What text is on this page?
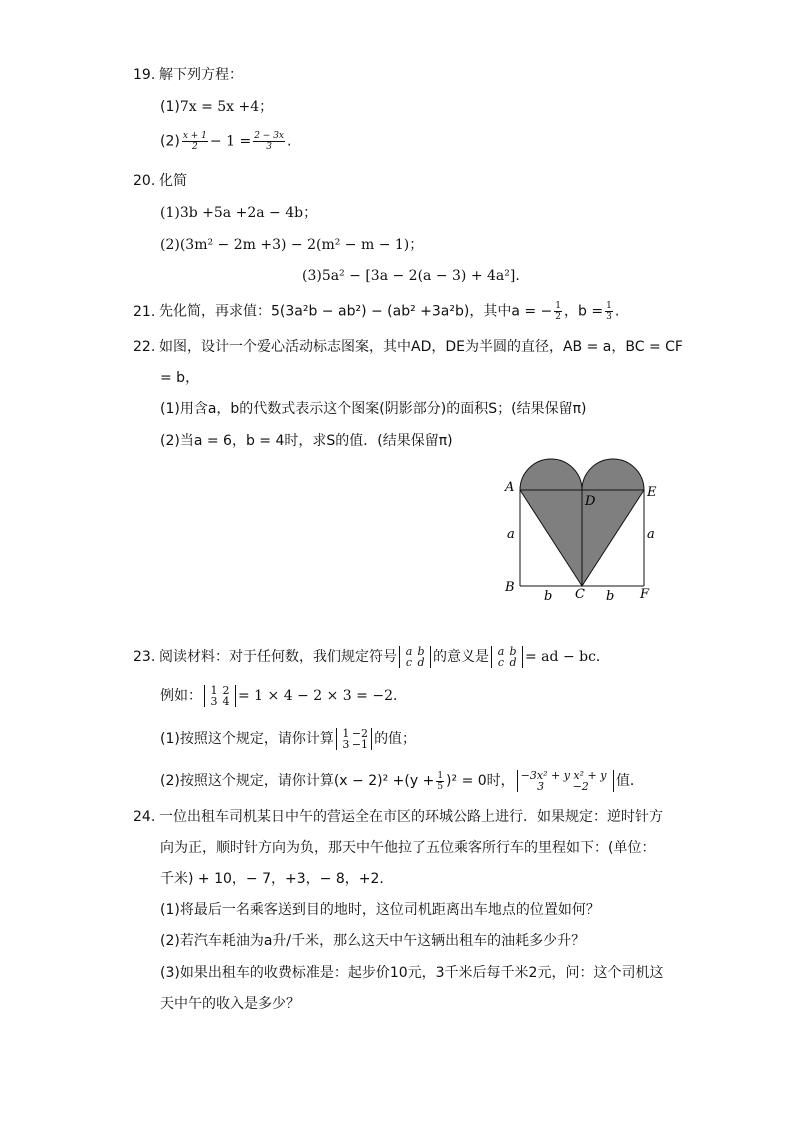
19. 解下列方程：
(1)7x = 5x +4；
$(2) \frac{x + 1}{2} - 1 = \frac{2 - 3x}{3}$ .
20. 化简
(1)3b +5a +2a − 4b；
(2)(3m² − 2m +3) − 2(m² − m − 1)；
(3)5a² − [3a − 2(a − 3) + 4a²].
21. 先化简，再求值：5(3a²b − ab²) − (ab² +3a²b)，其中a = − $\frac{1}{2}$ ，$b = \frac{1}{3}$ .
22. 如图，设计一个爱心活动标志图案，其中AD，DE为半圆的直径，AB = a，BC = CF
= b，
(1)用含a，b的代数式表示这个图案(阴影部分)的面积S；(结果保留π)
(2)当a = 6，b = 4时，求S的值．(结果保留π)
A
D
E
a	a
B	C	F
b	b
23. 阅读材料：对于任何数，我们规定符号 a b
c d 的意义是 a b
c d = ad − bc．
例如： 1 2
3 4 = 1 × 4 − 2 × 3 = −2．
(1)按照这个规定，请你计算 1 −2
3 −1 的值；
(2)按照这个规定，请你计算$(x - 2)^2 +(y + \frac{1}{5} )^2 = 0$时， −3x² + y x² + y
3	−2	值．
24. 一位出租车司机某日中午的营运全在市区的环城公路上进行．如果规定：逆时针方
向为正，顺时针方向为负，那天中午他拉了五位乘客所行车的里程如下：(单位：
千米) + 10，− 7，+3，− 8，+2．
(1)将最后一名乘客送到目的地时，这位司机距离出车地点的位置如何？
(2)若汽车耗油为a升/千米，那么这天中午这辆出租车的油耗多少升？
(3)如果出租车的收费标准是：起步价10元，3千米后每千米2元，问：这个司机这
天中午的收入是多少？
